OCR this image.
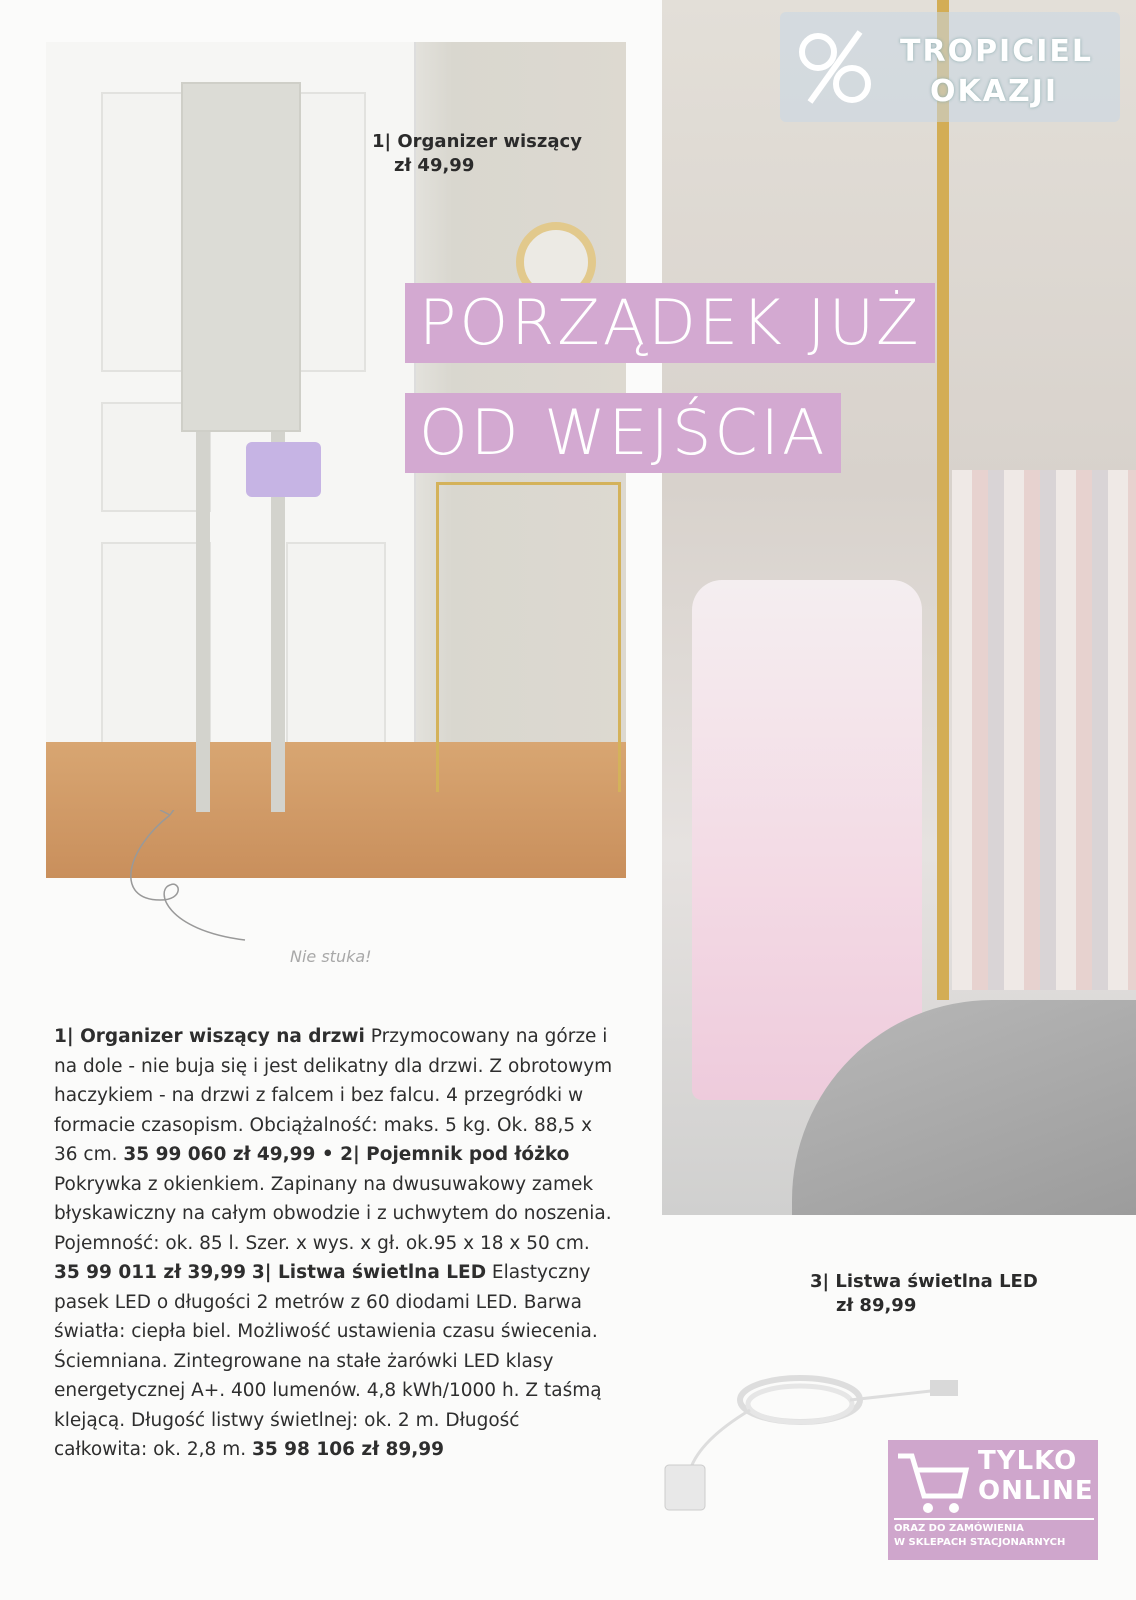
TROPICIEL
OKAZJI
PORZĄDEK JUŻ
OD WEJŚCIA
1| Organizer wiszący
zł 49,99
Nie stuka!
1| Organizer wiszący na drzwi Przymocowany na górze i na dole - nie buja się i jest delikatny dla drzwi. Z obrotowym haczykiem - na drzwi z falcem i bez falcu. 4 przegródki w formacie czasopism. Obciążalność: maks. 5 kg. Ok. 88,5 x 36 cm. 35 99 060 zł 49,99 • 2| Pojemnik pod łóżko Pokrywka z okienkiem. Zapinany na dwusuwakowy zamek błyskawiczny na całym obwodzie i z uchwytem do noszenia. Pojemność: ok. 85 l. Szer. x wys. x gł. ok.95 x 18 x 50 cm. 35 99 011 zł 39,99 3| Listwa świetlna LED Elastyczny pasek LED o długości 2 metrów z 60 diodami LED. Barwa światła: ciepła biel. Możliwość ustawienia czasu świecenia. Ściemniana. Zintegrowane na stałe żarówki LED klasy energetycznej A+. 400 lumenów. 4,8 kWh/1000 h. Z taśmą klejącą. Długość listwy świetlnej: ok. 2 m. Długość całkowita: ok. 2,8 m. 35 98 106 zł 89,99
3| Listwa świetlna LED
zł 89,99
TYLKO
ONLINE
ORAZ DO ZAMÓWIENIA
W SKLEPACH STACJONARNYCH
